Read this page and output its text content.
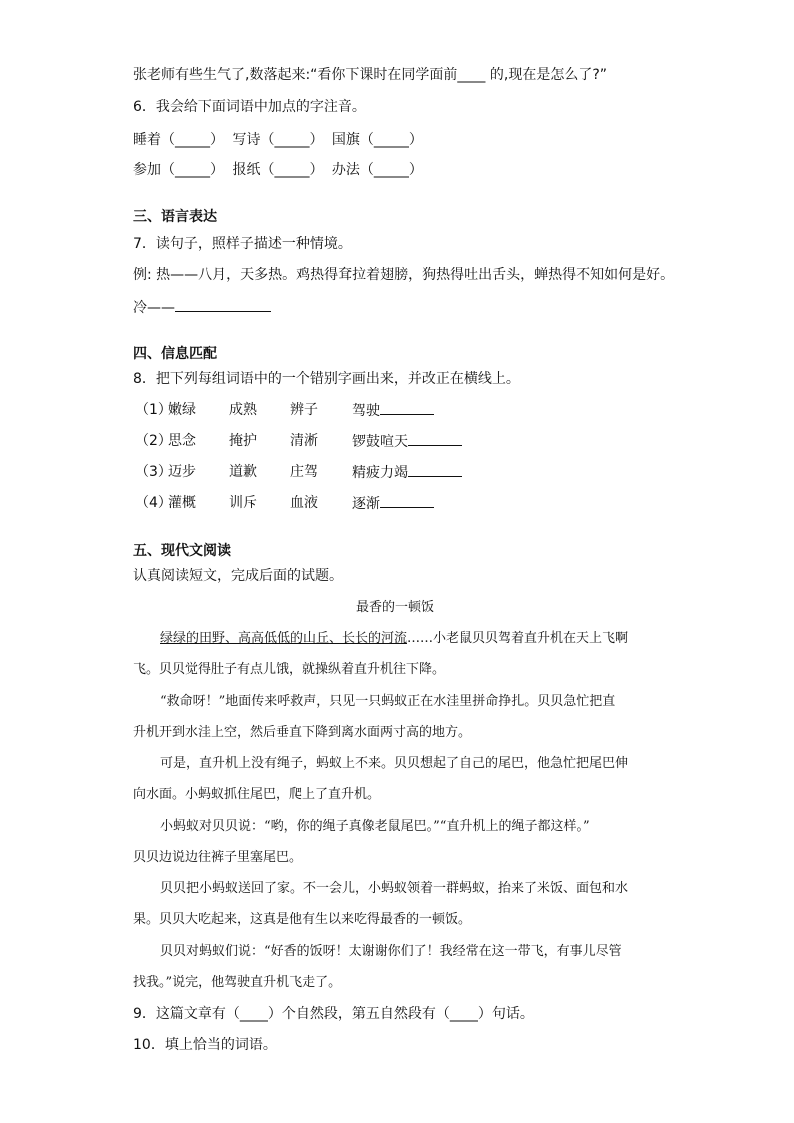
张老师有些生气了,数落起来:“看你下课时在同学面前____ 的,现在是怎么了?”
6．我会给下面词语中加点的字注音。
睡着（_____） 写诗（_____） 国旗（_____）
参加（_____） 报纸（_____） 办法（_____）
三、语言表达
7．读句子，照样子描述一种情境。
例: 热——八月，天多热。鸡热得耷拉着翅膀，狗热得吐出舌头，蝉热得不知如何是好。
冷——
四、信息匹配
8．把下列每组词语中的一个错别字画出来，并改正在横线上。
（1）
嫩绿 成熟 辨子 驾驶
（2）
思念 掩护 清淅 锣鼓喧天
（3）
迈步 道歉 庄驾 精疲力竭
（4）
灌概 训斥 血液 逐渐
五、现代文阅读
认真阅读短文，完成后面的试题。
最香的一顿饭
绿绿的田野、高高低低的山丘、长长的河流……小老鼠贝贝驾着直升机在天上飞啊
飞。贝贝觉得肚子有点儿饿，就操纵着直升机往下降。
“救命呀！”地面传来呼救声，只见一只蚂蚁正在水洼里拼命挣扎。贝贝急忙把直
升机开到水洼上空，然后垂直下降到离水面两寸高的地方。
可是，直升机上没有绳子，蚂蚁上不来。贝贝想起了自己的尾巴，他急忙把尾巴伸
向水面。小蚂蚁抓住尾巴，爬上了直升机。
小蚂蚁对贝贝说：“哟，你的绳子真像老鼠尾巴。”“直升机上的绳子都这样。”
贝贝边说边往裤子里塞尾巴。
贝贝把小蚂蚁送回了家。不一会儿，小蚂蚁领着一群蚂蚁，抬来了米饭、面包和水
果。贝贝大吃起来，这真是他有生以来吃得最香的一顿饭。
贝贝对蚂蚁们说：“好香的饭呀！太谢谢你们了！我经常在这一带飞，有事儿尽管
找我。”说完，他驾驶直升机飞走了。
9．这篇文章有（____）个自然段，第五自然段有（____）句话。
10．填上恰当的词语。
